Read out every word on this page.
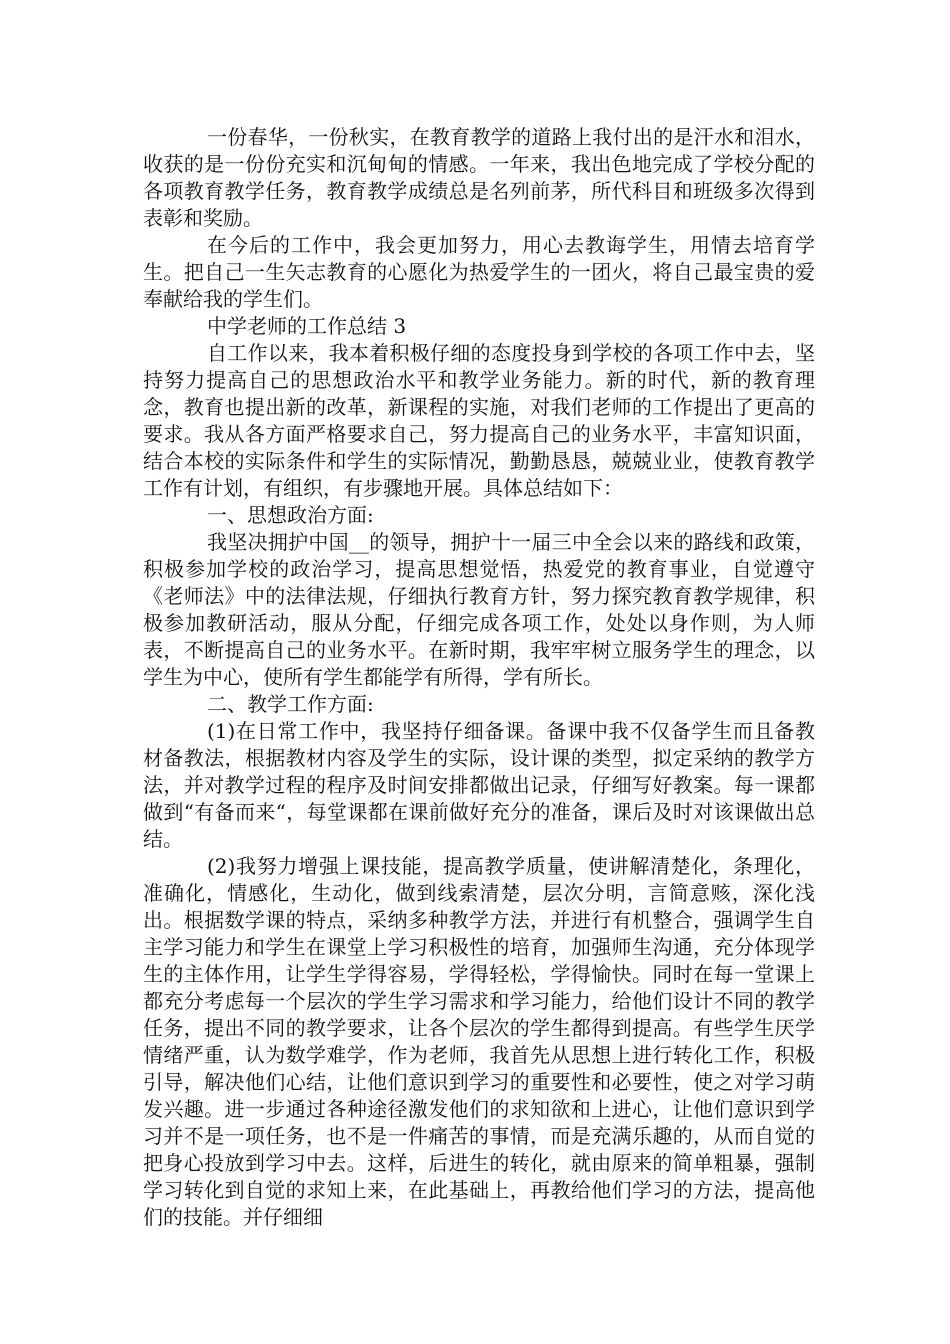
一份春华，一份秋实，在教育教学的道路上我付出的是汗水和泪水，收获的是一份份充实和沉甸甸的情感。一年来，我出色地完成了学校分配的各项教育教学任务，教育教学成绩总是名列前茅，所代科目和班级多次得到表彰和奖励。

在今后的工作中，我会更加努力，用心去教诲学生，用情去培育学生。把自己一生矢志教育的心愿化为热爱学生的一团火，将自己最宝贵的爱奉献给我的学生们。

中学老师的工作总结 3

自工作以来，我本着积极仔细的态度投身到学校的各项工作中去，坚持努力提高自己的思想政治水平和教学业务能力。新的时代，新的教育理念，教育也提出新的改革，新课程的实施，对我们老师的工作提出了更高的要求。我从各方面严格要求自己，努力提高自己的业务水平，丰富知识面，结合本校的实际条件和学生的实际情况，勤勤恳恳，兢兢业业，使教育教学工作有计划，有组织，有步骤地开展。具体总结如下：

一、思想政治方面:

我坚决拥护中国__的领导，拥护十一届三中全会以来的路线和政策，积极参加学校的政治学习，提高思想觉悟，热爱党的教育事业，自觉遵守《老师法》中的法律法规，仔细执行教育方针，努力探究教育教学规律，积极参加教研活动，服从分配，仔细完成各项工作，处处以身作则，为人师表，不断提高自己的业务水平。在新时期，我牢牢树立服务学生的理念，以学生为中心，使所有学生都能学有所得，学有所长。

二、教学工作方面:

(1)在日常工作中，我坚持仔细备课。备课中我不仅备学生而且备教材备教法，根据教材内容及学生的实际，设计课的类型，拟定采纳的教学方法，并对教学过程的程序及时间安排都做出记录，仔细写好教案。每一课都做到“有备而来“，每堂课都在课前做好充分的准备，课后及时对该课做出总结。

(2)我努力增强上课技能，提高教学质量，使讲解清楚化，条理化，准确化，情感化，生动化，做到线索清楚，层次分明，言简意赅，深化浅出。根据数学课的特点，采纳多种教学方法，并进行有机整合，强调学生自主学习能力和学生在课堂上学习积极性的培育，加强师生沟通，充分体现学生的主体作用，让学生学得容易，学得轻松，学得愉快。同时在每一堂课上都充分考虑每一个层次的学生学习需求和学习能力，给他们设计不同的教学任务，提出不同的教学要求，让各个层次的学生都得到提高。有些学生厌学情绪严重，认为数学难学，作为老师，我首先从思想上进行转化工作，积极引导，解决他们心结，让他们意识到学习的重要性和必要性，使之对学习萌发兴趣。进一步通过各种途径激发他们的求知欲和上进心，让他们意识到学习并不是一项任务，也不是一件痛苦的事情，而是充满乐趣的，从而自觉的把身心投放到学习中去。这样，后进生的转化，就由原来的简单粗暴，强制学习转化到自觉的求知上来，在此基础上，再教给他们学习的方法，提高他们的技能。并仔细细
